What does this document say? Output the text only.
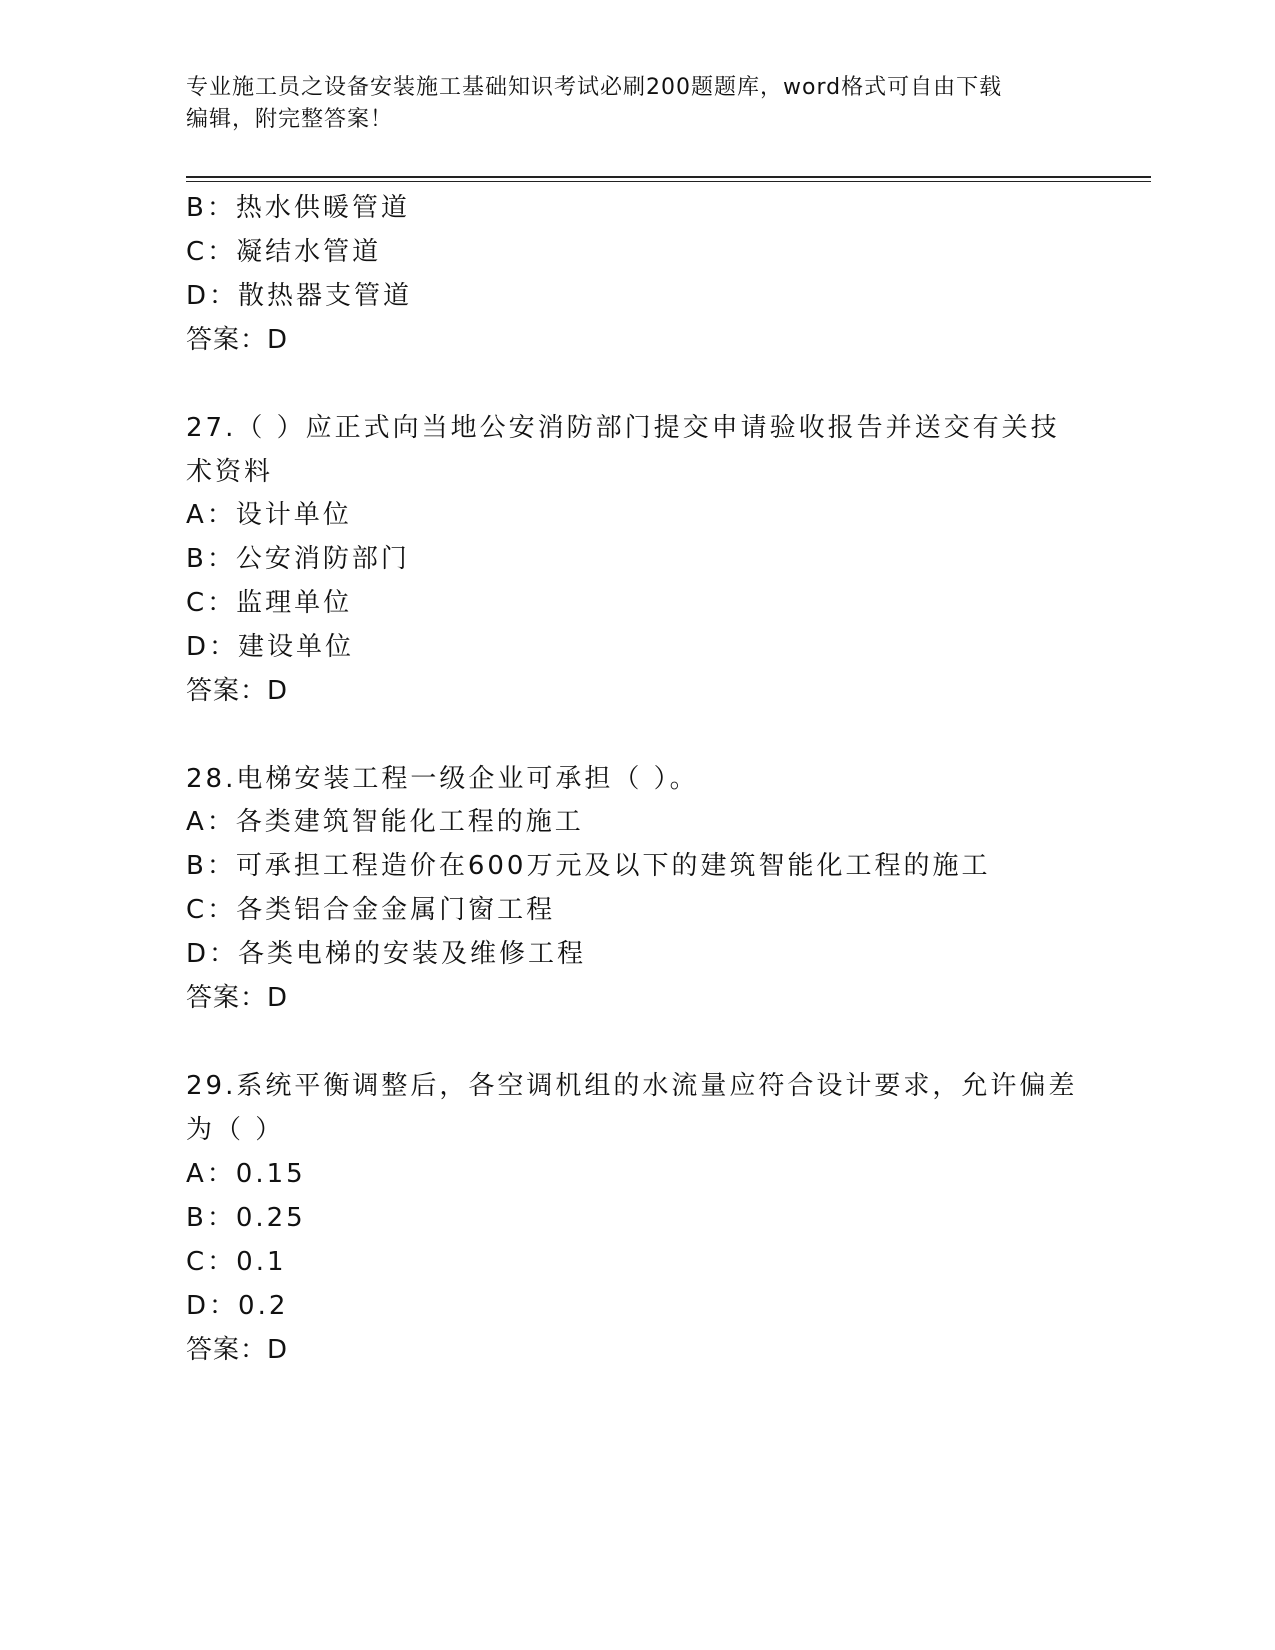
专业施工员之设备安装施工基础知识考试必刷200题题库，word格式可自由下载
编辑，附完整答案！
B：热水供暖管道
C：凝结水管道
D：散热器支管道
答案：D
27.（ ）应正式向当地公安消防部门提交申请验收报告并送交有关技
术资料
A：设计单位
B：公安消防部门
C：监理单位
D：建设单位
答案：D
28.电梯安装工程一级企业可承担（ ）。
A：各类建筑智能化工程的施工
B：可承担工程造价在600万元及以下的建筑智能化工程的施工
C：各类铝合金金属门窗工程
D：各类电梯的安装及维修工程
答案：D
29.系统平衡调整后，各空调机组的水流量应符合设计要求，允许偏差
为（ ）
A：0.15
B：0.25
C：0.1
D：0.2
答案：D
